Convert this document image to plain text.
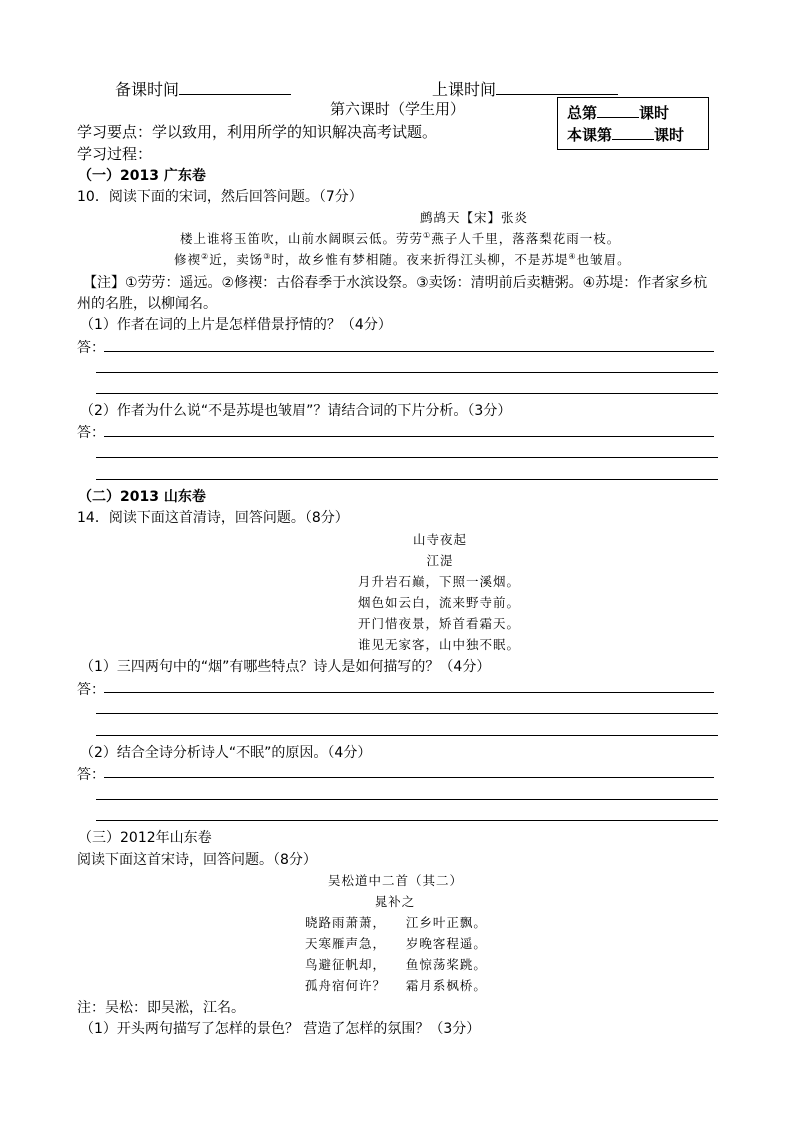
备课时间	上课时间
第六课时（学生用）	总第	课时
本课第	课时
学习要点：学以致用，利用所学的知识解决高考试题。
学习过程：
（一）2013 广东卷
10．阅读下面的宋词，然后回答问题。（7分）
鹧鸪天【宋】张炎
楼上谁将玉笛吹，山前水阔暝云低。劳劳①燕子人千里，落落梨花雨一枝。
修禊②近，卖饧③时，故乡惟有梦相随。夜来折得江头柳，不是苏堤④也皱眉。
【注】①劳劳：遥远。②修禊：古俗春季于水滨设祭。③卖饧：清明前后卖糖粥。④苏堤：作者家乡杭
州的名胜，以柳闻名。
（1）作者在词的上片是怎样借景抒情的？（4分）
答：
（2）作者为什么说“不是苏堤也皱眉”？请结合词的下片分析。（3分）
答：
（二）2013 山东卷
14．阅读下面这首清诗，回答问题。（8分）
山寺夜起
江湜
月升岩石巅，下照一溪烟。
烟色如云白，流来野寺前。
开门惜夜景，矫首看霜天。
谁见无家客，山中独不眠。
（1）三四两句中的“烟”有哪些特点？诗人是如何描写的？（4分）
答：
（2）结合全诗分析诗人“不眠”的原因。（4分）
答：
（三）2012年山东卷
阅读下面这首宋诗，回答问题。（8分）
吴松道中二首（其二）
晁补之
晓路雨萧萧，    江乡叶正飘。
天寒雁声急，    岁晚客程遥。
鸟避征帆却，    鱼惊荡桨跳。
孤舟宿何许？    霜月系枫桥。
注：吴松：即吴淞，江名。
（1）开头两句描写了怎样的景色？ 营造了怎样的氛围？（3分）
